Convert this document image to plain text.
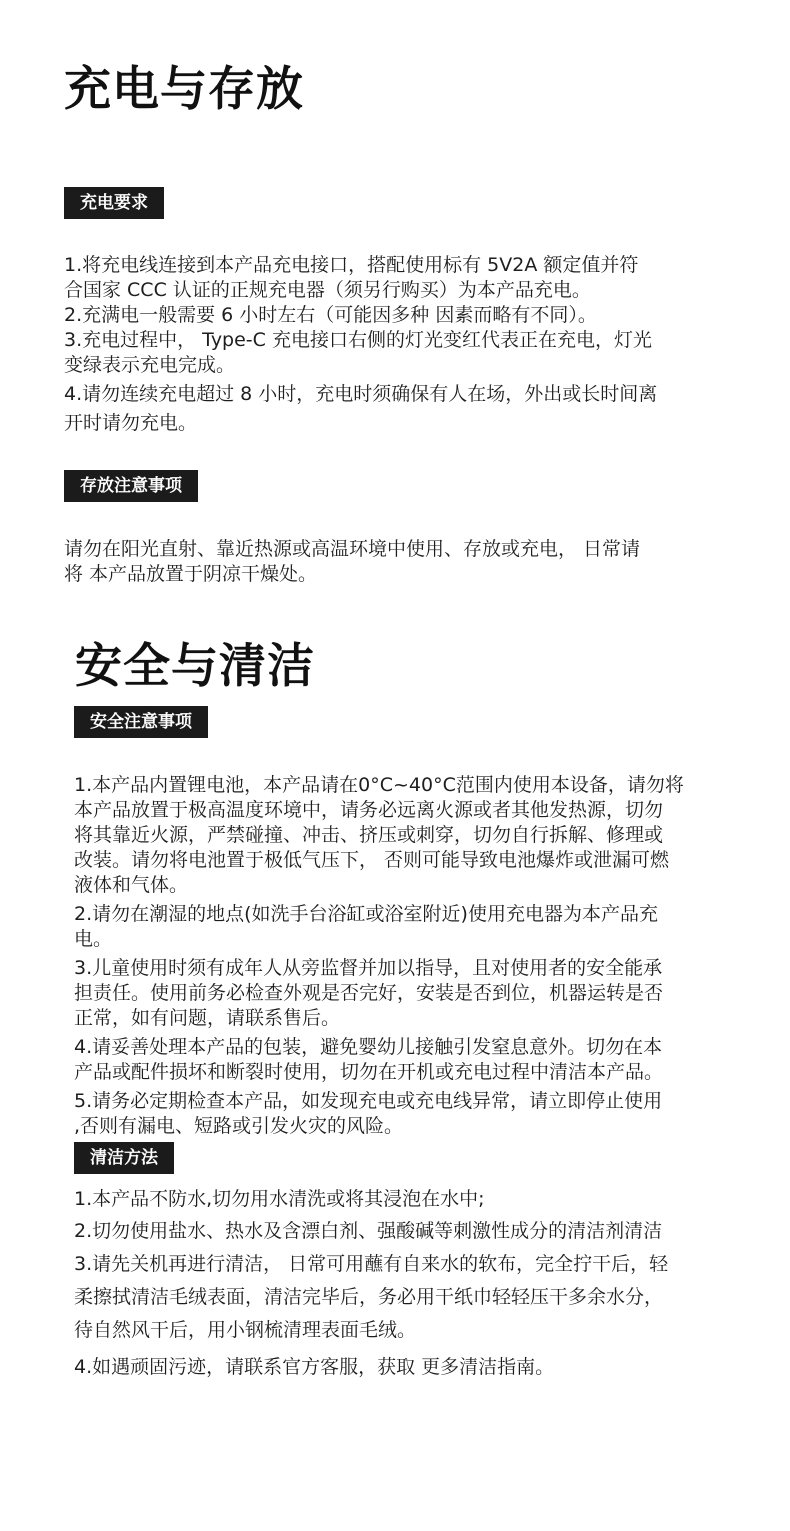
充电与存放
充电要求
1.将充电线连接到本产品充电接口，搭配使用标有 5V2A 额定值并符
合国家 CCC 认证的正规充电器（须另行购买）为本产品充电。
2.充满电一般需要 6 小时左右（可能因多种 因素而略有不同）。
3.充电过程中， Type-C 充电接口右侧的灯光变红代表正在充电，灯光
变绿表示充电完成。
4.请勿连续充电超过 8 小时，充电时须确保有人在场，外出或长时间离
开时请勿充电。
存放注意事项
请勿在阳光直射、靠近热源或高温环境中使用、存放或充电， 日常请
将 本产品放置于阴凉干燥处。
安全与清洁
安全注意事项
1.本产品内置锂电池，本产品请在0°C~40°C范围内使用本设备，请勿将
本产品放置于极高温度环境中，请务必远离火源或者其他发热源，切勿
将其靠近火源，严禁碰撞、冲击、挤压或刺穿，切勿自行拆解、修理或
改装。请勿将电池置于极低气压下， 否则可能导致电池爆炸或泄漏可燃
液体和气体。
2.请勿在潮湿的地点(如洗手台浴缸或浴室附近)使用充电器为本产品充
电。
3.儿童使用时须有成年人从旁监督并加以指导，且对使用者的安全能承
担责任。使用前务必检查外观是否完好，安装是否到位，机器运转是否
正常，如有问题，请联系售后。
4.请妥善处理本产品的包装，避免婴幼儿接触引发窒息意外。切勿在本
产品或配件损坏和断裂时使用，切勿在开机或充电过程中清洁本产品。
5.请务必定期检查本产品，如发现充电或充电线异常，请立即停止使用
,否则有漏电、短路或引发火灾的风险。
清洁方法
1.本产品不防水,切勿用水清洗或将其浸泡在水中;
2.切勿使用盐水、热水及含漂白剂、强酸碱等刺激性成分的清洁剂清洁
3.请先关机再进行清洁， 日常可用蘸有自来水的软布，完全拧干后，轻
柔擦拭清洁毛绒表面，清洁完毕后，务必用干纸巾轻轻压干多余水分，
待自然风干后，用小钢梳清理表面毛绒。
4.如遇顽固污迹，请联系官方客服，获取 更多清洁指南。
